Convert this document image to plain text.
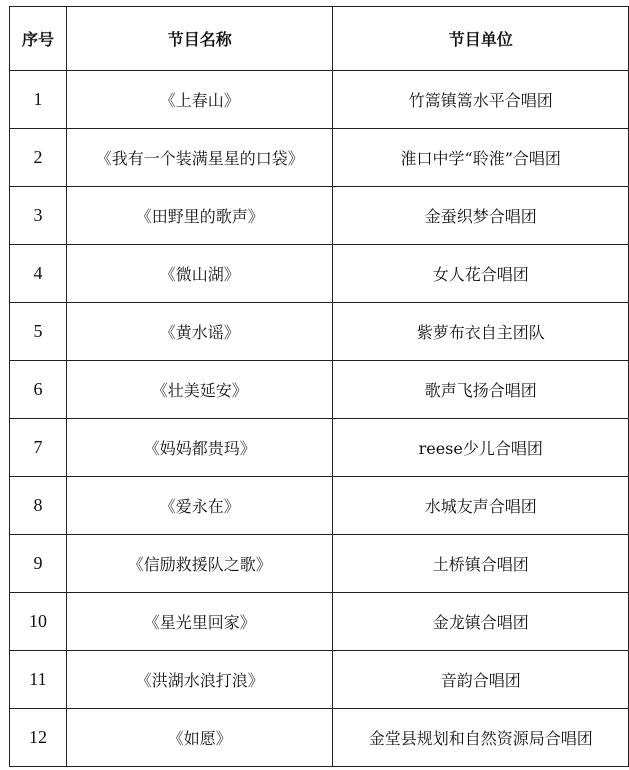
序号	节目名称	节目单位
1	《上春山》	竹篙镇篙水平合唱团
2	《我有一个装满星星的口袋》	淮口中学“聆淮”合唱团
3	《田野里的歌声》	金蚕织梦合唱团
4	《微山湖》	女人花合唱团
5	《黄水谣》	紫萝布衣自主团队
6	《壮美延安》	歌声飞扬合唱团
7	《妈妈都贵玛》	reese少儿合唱团
8	《爱永在》	水城友声合唱团
9	《信励救援队之歌》	土桥镇合唱团
10	《星光里回家》	金龙镇合唱团
11	《洪湖水浪打浪》	音韵合唱团
12	《如愿》	金堂县规划和自然资源局合唱团
